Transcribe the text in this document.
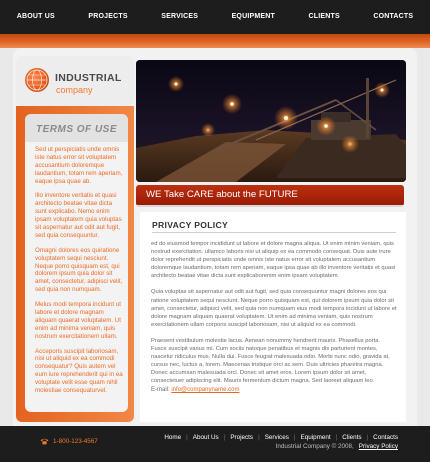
ABOUT US	PROJECTS	SERVICES	EQUIPMENT	CLIENTS	CONTACTS
INDUSTRIAL
company
TERMS OF USE

Sed ut perspiciatis unde omnis iste natus error sit voluptatem accusantium doloremque laudantium, totam rem aperiam, eaque ipsa quae ab.

Illo inventore veritatis et quasi architecto beatae vitae dicta sunt explicabo. Nemo enim ipsam voluptatem quia voluptas sit aspernatur aut odit aut fugit, sed quia consequuntur.

Omagni dolores eos quiratione voluptatem sequi nesciunt. Neque porro quisquam est, qui dolorem ipsum quia dolor sit amet, consectetur, adipisci velit, sed quia non numquam.

Melus modi tempora incidunt ut labore et dolore magnam aliquam quaerat voluptatem. Ut enim ad minima veniam, quis nostrum exercitationem ullam.

Acceporis suscipit laboriosam, nisi ut aliquid ex ea commodi consequatur? Quis autem vel eum iure reprehenderit qui in ea voluptate velit esse quam nihil molestiae consequaturvel.

WE Take CARE about the FUTURE
PRIVACY POLICY

ed do eiusmod tempor incididunt ut labore et dolore magna aliqua. Ut enim minim veniam, quis nostrud exercitation. ullamco laboris nisi ut aliquip ex ea commodo consequat. Duis aute irure dolor reprehendit ut perspiciatis unde omnis iste natus error sit voluptatem accusantium doloremque laudantium, totam rem aperiam, eaque ipsa quae ab illo inventore veritatis et quasi architecto beatae vitae dicta sunt explicaborenim enim ipsam voluptatem.

Quia voluptas sit aspernatur aut odit aut fugit, sed quia consequuntur magni dolores eos qui ratione voluptatem sequi nesciunt. Neque porro quisquam est, qui dolorem ipsum quia dolor sit amet, consectetur, adipisci velit, sed quia non numquam eius modi tempora incidunt ut labore et dolore magnam aliquam quaerat voluptatem. Ut enim ad minima veniam, quis nostrum exercitationem ullam corporis suscipit laboriosam, nisi ut aliquid ex ea commodi.

Praesent vestibulum molestie lacus. Aenean nonummy hendrerit mauris. Phasellus porta. Fusce suscipit varius mi. Cum sociis natoque penatibus et magnis dis parturient montes, nascetur ridiculus mus. Nulla dui. Fusce feugiat malesuada odio. Morbi nunc odio, gravida at, cursus nec, luctus a, lorem. Maecenas tristique orci ac sem. Duis ultricies pharetra magna. Donec accumsan malesuada orci. Donec sit amet eros. Lorem ipsum dolor sit amet, consectetuer adipiscing elit. Mauris fermentum dictum magna. Sed laoreet aliquam leo.

E-mail: info@companyname.com
1-800-123-4567
Home | About Us | Projects | Services | Equipment | Clients | Contacts
Industrial Company © 2008, Privacy Policy
